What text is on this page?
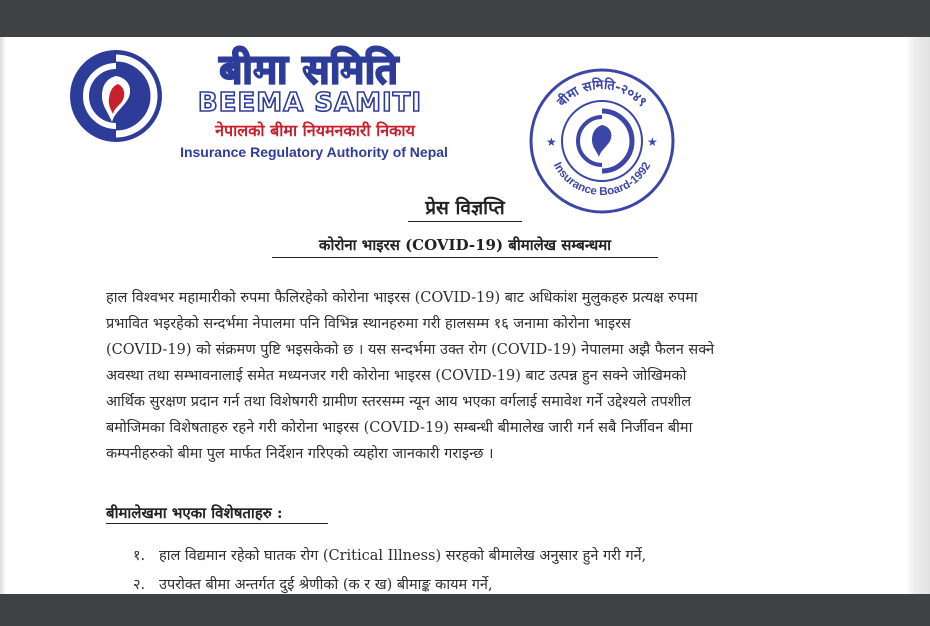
बीमा समिति
BEEMA SAMITI
नेपालको बीमा नियमनकारी निकाय
Insurance Regulatory Authority of Nepal
बीमा समिति-२०४९
Insurance Board-1992
★	★
प्रेस विज्ञप्ति
कोरोना भाइरस (COVID-19) बीमालेख सम्बन्धमा
हाल विश्वभर महामारीको रुपमा फैलिरहेको कोरोना भाइरस (COVID-19) बाट अधिकांश मुलुकहरु प्रत्यक्ष रुपमा
प्रभावित भइरहेको सन्दर्भमा नेपालमा पनि विभिन्न स्थानहरुमा गरी हालसम्म १६ जनामा कोरोना भाइरस
(COVID-19) को संक्रमण पुष्टि भइसकेको छ । यस सन्दर्भमा उक्त रोग (COVID-19) नेपालमा अझै फैलन सक्ने
अवस्था तथा सम्भावनालाई समेत मध्यनजर गरी कोरोना भाइरस (COVID-19) बाट उत्पन्न हुन सक्ने जोखिमको
आर्थिक सुरक्षण प्रदान गर्न तथा विशेषगरी ग्रामीण स्तरसम्म न्यून आय भएका वर्गलाई समावेश गर्ने उद्देश्यले तपशील
बमोजिमका विशेषताहरु रहने गरी कोरोना भाइरस (COVID-19) सम्बन्धी बीमालेख जारी गर्न सबै निर्जीवन बीमा
कम्पनीहरुको बीमा पुल मार्फत निर्देशन गरिएको व्यहोरा जानकारी गराइन्छ ।
बीमालेखमा भएका विशेषताहरु :
१. हाल विद्यमान रहेको घातक रोग (Critical Illness) सरहको बीमालेख अनुसार हुने गरी गर्ने,
२. उपरोक्त बीमा अन्तर्गत दुई श्रेणीको (क र ख) बीमाङ्क कायम गर्ने,
